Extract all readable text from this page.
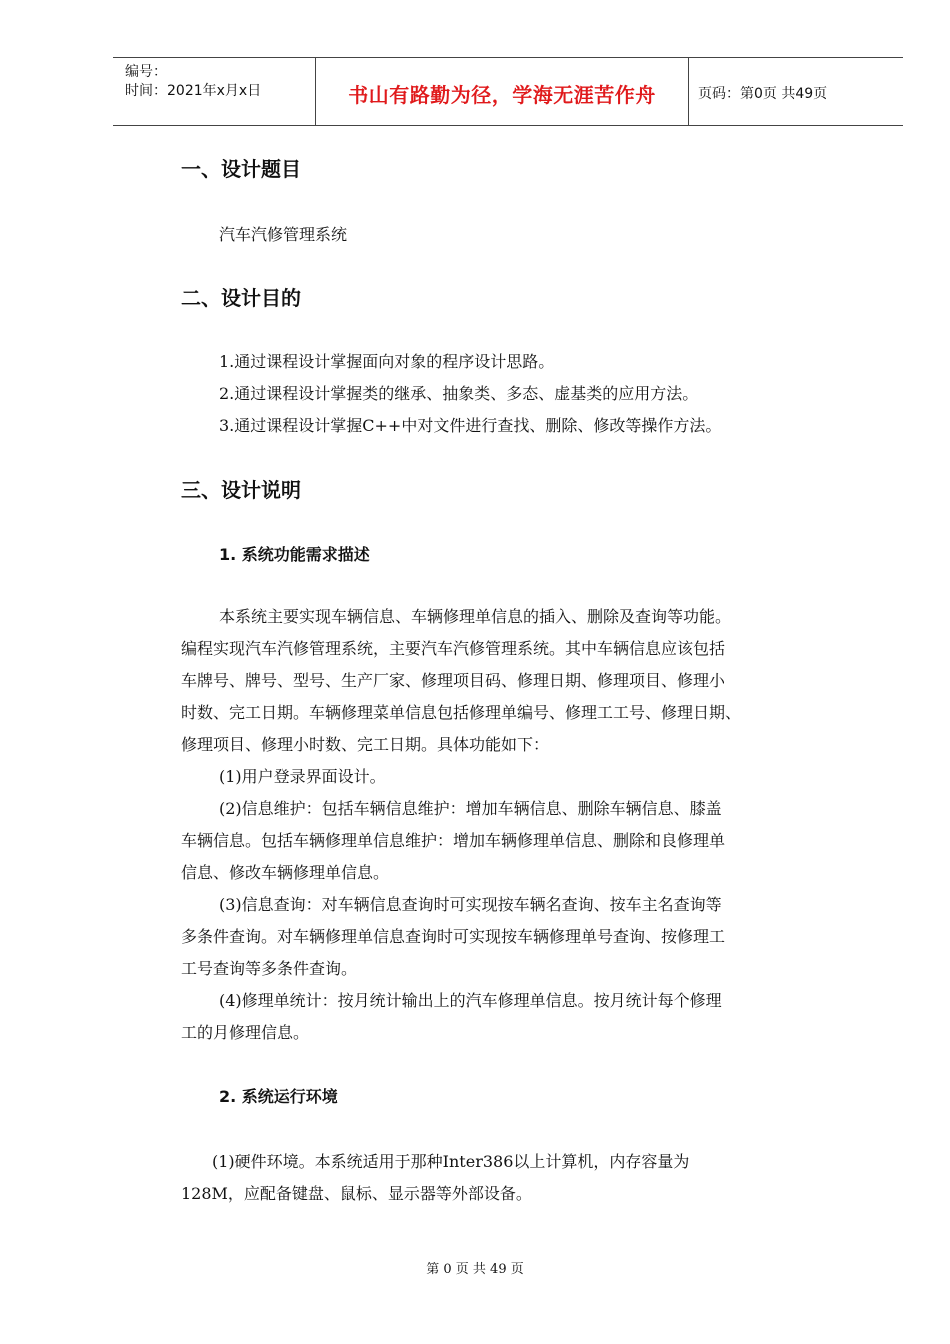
编号：
时间：2021年x月x日	书山有路勤为径，学海无涯苦作舟	页码：第0页 共49页
一、设计题目
汽车汽修管理系统
二、设计目的
1.通过课程设计掌握面向对象的程序设计思路。
2.通过课程设计掌握类的继承、抽象类、多态、虚基类的应用方法。
3.通过课程设计掌握C++中对文件进行查找、删除、修改等操作方法。
三、设计说明
1. 系统功能需求描述
本系统主要实现车辆信息、车辆修理单信息的插入、删除及查询等功能。
编程实现汽车汽修管理系统，主要汽车汽修管理系统。其中车辆信息应该包括
车牌号、牌号、型号、生产厂家、修理项目码、修理日期、修理项目、修理小
时数、完工日期。车辆修理菜单信息包括修理单编号、修理工工号、修理日期、
修理项目、修理小时数、完工日期。具体功能如下：
(1)用户登录界面设计。
(2)信息维护：包括车辆信息维护：增加车辆信息、删除车辆信息、膝盖
车辆信息。包括车辆修理单信息维护：增加车辆修理单信息、删除和良修理单
信息、修改车辆修理单信息。
(3)信息查询：对车辆信息查询时可实现按车辆名查询、按车主名查询等
多条件查询。对车辆修理单信息查询时可实现按车辆修理单号查询、按修理工
工号查询等多条件查询。
(4)修理单统计：按月统计输出上的汽车修理单信息。按月统计每个修理
工的月修理信息。
2. 系统运行环境
(1)硬件环境。本系统适用于那种Inter386以上计算机，内存容量为
128M，应配备键盘、鼠标、显示器等外部设备。
第 0 页 共 49 页
